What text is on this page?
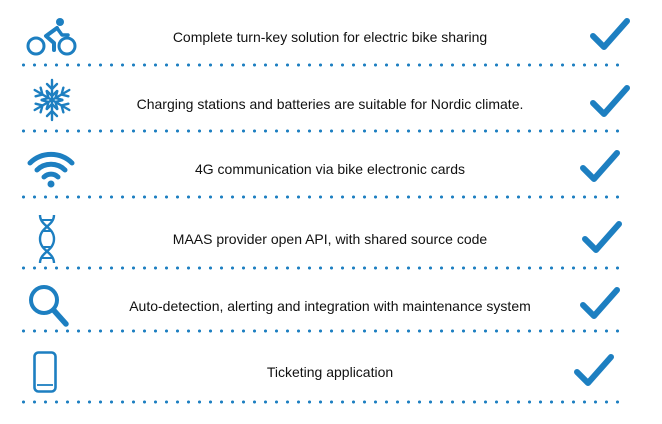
Complete turn-key solution for electric bike sharing
Charging stations and batteries are suitable for Nordic climate.
4G communication via bike electronic cards
MAAS provider open API, with shared source code
Auto-detection, alerting and integration with maintenance system
Ticketing application
